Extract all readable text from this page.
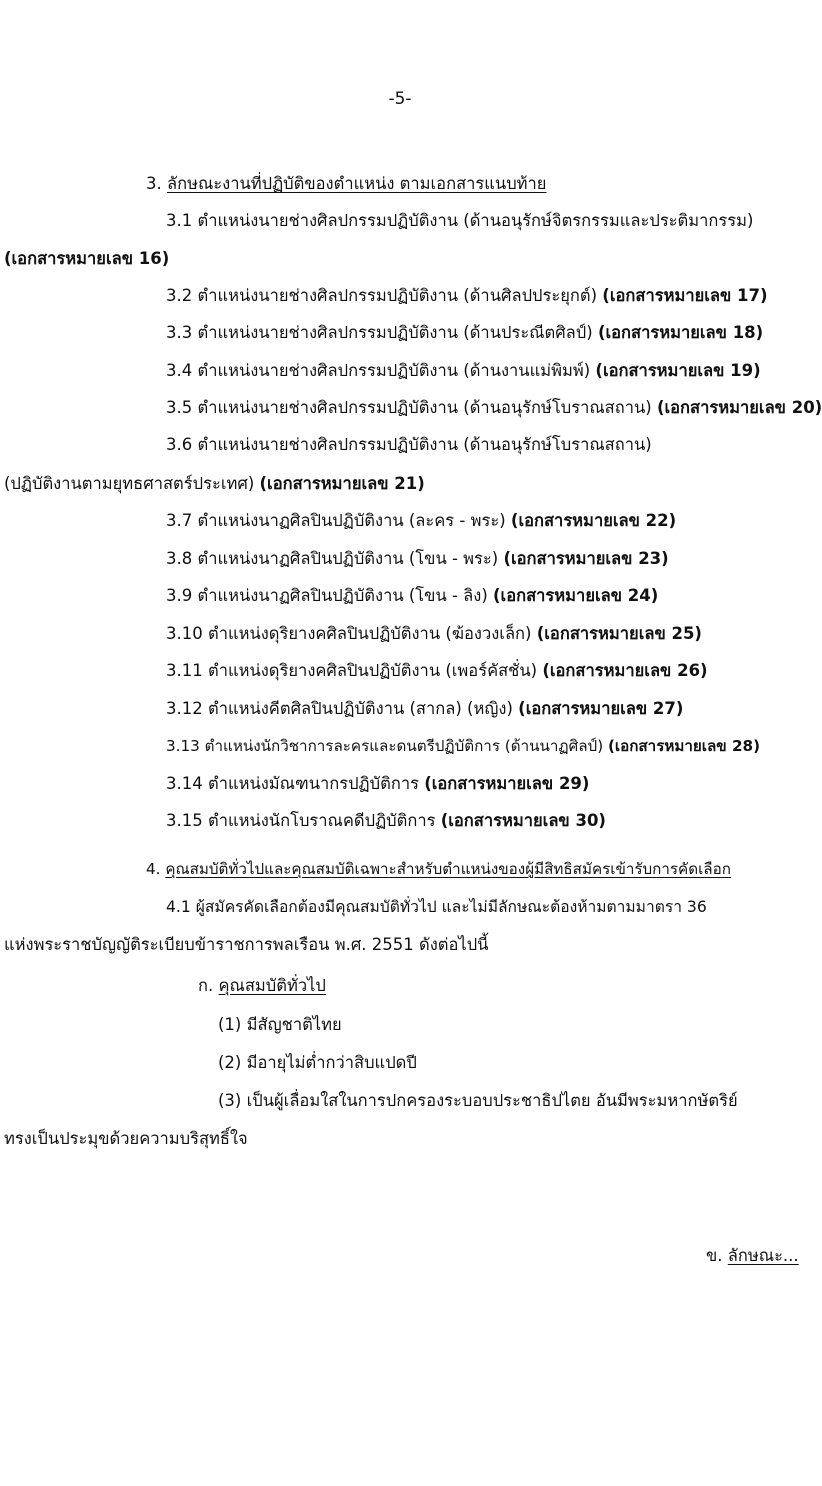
-5-
3. ลักษณะงานที่ปฏิบัติของตำแหน่ง ตามเอกสารแนบท้าย
3.1 ตำแหน่งนายช่างศิลปกรรมปฏิบัติงาน (ด้านอนุรักษ์จิตรกรรมและประติมากรรม)
(เอกสารหมายเลข 16)
3.2 ตำแหน่งนายช่างศิลปกรรมปฏิบัติงาน (ด้านศิลปประยุกต์) (เอกสารหมายเลข 17)
3.3 ตำแหน่งนายช่างศิลปกรรมปฏิบัติงาน (ด้านประณีตศิลป์) (เอกสารหมายเลข 18)
3.4 ตำแหน่งนายช่างศิลปกรรมปฏิบัติงาน (ด้านงานแม่พิมพ์) (เอกสารหมายเลข 19)
3.5 ตำแหน่งนายช่างศิลปกรรมปฏิบัติงาน (ด้านอนุรักษ์โบราณสถาน) (เอกสารหมายเลข 20)
3.6 ตำแหน่งนายช่างศิลปกรรมปฏิบัติงาน (ด้านอนุรักษ์โบราณสถาน)
(ปฏิบัติงานตามยุทธศาสตร์ประเทศ) (เอกสารหมายเลข 21)
3.7 ตำแหน่งนาฏศิลปินปฏิบัติงาน (ละคร - พระ) (เอกสารหมายเลข 22)
3.8 ตำแหน่งนาฏศิลปินปฏิบัติงาน (โขน - พระ) (เอกสารหมายเลข 23)
3.9 ตำแหน่งนาฏศิลปินปฏิบัติงาน (โขน - ลิง) (เอกสารหมายเลข 24)
3.10 ตำแหน่งดุริยางคศิลปินปฏิบัติงาน (ฆ้องวงเล็ก) (เอกสารหมายเลข 25)
3.11 ตำแหน่งดุริยางคศิลปินปฏิบัติงาน (เพอร์คัสชั่น) (เอกสารหมายเลข 26)
3.12 ตำแหน่งคีตศิลปินปฏิบัติงาน (สากล) (หญิง) (เอกสารหมายเลข 27)
3.13 ตำแหน่งนักวิชาการละครและดนตรีปฏิบัติการ (ด้านนาฏศิลป์) (เอกสารหมายเลข 28)
3.14 ตำแหน่งมัณฑนากรปฏิบัติการ (เอกสารหมายเลข 29)
3.15 ตำแหน่งนักโบราณคดีปฏิบัติการ (เอกสารหมายเลข 30)
4. คุณสมบัติทั่วไปและคุณสมบัติเฉพาะสำหรับตำแหน่งของผู้มีสิทธิสมัครเข้ารับการคัดเลือก
4.1 ผู้สมัครคัดเลือกต้องมีคุณสมบัติทั่วไป และไม่มีลักษณะต้องห้ามตามมาตรา 36
แห่งพระราชบัญญัติระเบียบข้าราชการพลเรือน พ.ศ. 2551 ดังต่อไปนี้
ก. คุณสมบัติทั่วไป
(1) มีสัญชาติไทย
(2) มีอายุไม่ต่ำกว่าสิบแปดปี
(3) เป็นผู้เลื่อมใสในการปกครองระบอบประชาธิปไตย อันมีพระมหากษัตริย์
ทรงเป็นประมุขด้วยความบริสุทธิ์ใจ
ข. ลักษณะ...
